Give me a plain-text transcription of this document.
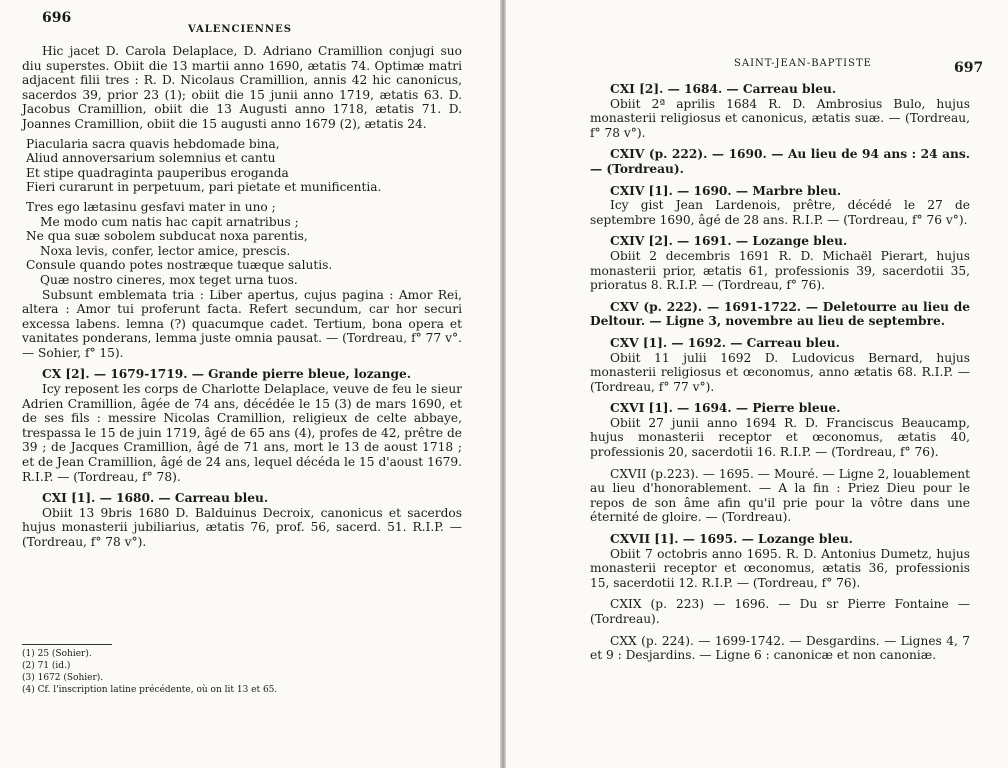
696
VALENCIENNES

Hic jacet D. Carola Delaplace, D. Adriano Cramillion conjugi suo diu superstes. Obiit die 13 martii anno 1690, ætatis 74. Optimæ matri adjacent filii tres : R. D. Nicolaus Cramillion, annis 42 hic canonicus, sacerdos 39, prior 23 (1); obiit die 15 junii anno 1719, ætatis 63. D. Jacobus Cramillion, obiit die 13 Augusti anno 1718, ætatis 71. D. Joannes Cramillion, obiit die 15 augusti anno 1679 (2), ætatis 24.

Piacularia sacra quavis hebdomade bina,

Aliud annoversarium solemnius et cantu

Et stipe quadraginta pauperibus eroganda

Fieri curarunt in perpetuum, pari pietate et munificentia.

Tres ego lætasinu gesfavi mater in uno ;

Me modo cum natis hac capit arnatribus ;

Ne qua suæ sobolem subducat noxa parentis,

Noxa levis, confer, lector amice, prescis.

Consule quando potes nostræque tuæque salutis.

Quæ nostro cineres, mox teget urna tuos.

Subsunt emblemata tria : Liber apertus, cujus pagina : Amor Rei, altera : Amor tui proferunt facta. Refert secundum, car hor securi excessa labens. lemna (?) quacumque cadet. Tertium, bona opera et vanitates ponderans, lemma juste omnia pausat. — (Tordreau, f° 77 v°. — Sohier, f° 15).

CX [2]. — 1679-1719. — Grande pierre bleue, lozange.

Icy reposent les corps de Charlotte Delaplace, veuve de feu le sieur Adrien Cramillion, âgée de 74 ans, décédée le 15 (3) de mars 1690, et de ses fils : messire Nicolas Cramillion, religieux de celte abbaye, trespassa le 15 de juin 1719, âgé de 65 ans (4), profes de 42, prêtre de 39 ; de Jacques Cramillion, âgé de 71 ans, mort le 13 de aoust 1718 ; et de Jean Cramillion, âgé de 24 ans, lequel décéda le 15 d'aoust 1679. R.I.P. — (Tordreau, f° 78).

CXI [1]. — 1680. — Carreau bleu.

Obiit 13 9bris 1680 D. Balduinus Decroix, canonicus et sacerdos hujus monasterii jubiliarius, ætatis 76, prof. 56, sacerd. 51. R.I.P. — (Tordreau, f° 78 v°).

(1) 25 (Sohier).

(2) 71 (id.)

(3) 1672 (Sohier).

(4) Cf. l'inscription latine précédente, où on lit 13 et 65.

SAINT-JEAN-BAPTISTE	697

CXI [2]. — 1684. — Carreau bleu.

Obiit 2ª aprilis 1684 R. D. Ambrosius Bulo, hujus monasterii religiosus et canonicus, ætatis suæ. — (Tordreau, f° 78 v°).

CXIV (p. 222). — 1690. — Au lieu de 94 ans : 24 ans. — (Tordreau).

CXIV [1]. — 1690. — Marbre bleu.

Icy gist Jean Lardenois, prêtre, décédé le 27 de septembre 1690, âgé de 28 ans. R.I.P. — (Tordreau, f° 76 v°).

CXIV [2]. — 1691. — Lozange bleu.

Obiit 2 decembris 1691 R. D. Michaël Pierart, hujus monasterii prior, ætatis 61, professionis 39, sacerdotii 35, prioratus 8. R.I.P. — (Tordreau, f° 76).

CXV (p. 222). — 1691-1722. — Deletourre au lieu de Deltour. — Ligne 3, novembre au lieu de septembre.

CXV [1]. — 1692. — Carreau bleu.

Obiit 11 julii 1692 D. Ludovicus Bernard, hujus monasterii religiosus et œconomus, anno ætatis 68. R.I.P. — (Tordreau, f° 77 v°).

CXVI [1]. — 1694. — Pierre bleue.

Obiit 27 junii anno 1694 R. D. Franciscus Beaucamp, hujus monasterii receptor et œconomus, ætatis 40, professionis 20, sacerdotii 16. R.I.P. — (Tordreau, f° 76).

CXVII (p.223). — 1695. — Mouré. — Ligne 2, louablement au lieu d'honorablement. — A la fin : Priez Dieu pour le repos de son âme afin qu'il prie pour la vôtre dans une éternité de gloire. — (Tordreau).

CXVII [1]. — 1695. — Lozange bleu.

Obiit 7 octobris anno 1695. R. D. Antonius Dumetz, hujus monasterii receptor et œconomus, ætatis 36, professionis 15, sacerdotii 12. R.I.P. — (Tordreau, f° 76).

CXIX (p. 223) — 1696. — Du sr Pierre Fontaine — (Tordreau).

CXX (p. 224). — 1699-1742. — Desgardins. — Lignes 4, 7 et 9 : Desjardins. — Ligne 6 : canonicæ et non canoniæ.
